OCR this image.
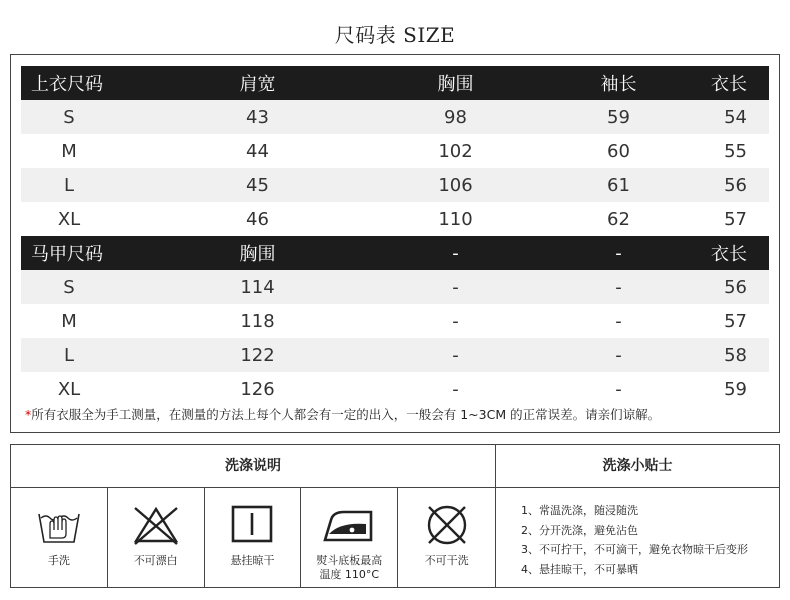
尺码表 SIZE
上衣尺码	肩宽	胸围	袖长	衣长
S	43	98	59	54
M	44	102	60	55
L	45	106	61	56
XL	46	110	62	57
马甲尺码	胸围	-	-	衣长
S	114	-	-	56
M	118	-	-	57
L	122	-	-	58
XL	126	-	-	59
*所有衣服全为手工测量，在测量的方法上每个人都会有一定的出入，一般会有 1~3CM 的正常误差。请亲们谅解。
洗涤说明	洗涤小贴士
手洗	不可漂白	悬挂晾干	熨斗底板最高
温度 110°C
不可干洗
1、常温洗涤，随浸随洗
2、分开洗涤，避免沾色
3、不可拧干，不可滴干，避免衣物晾干后变形
4、悬挂晾干，不可暴晒
